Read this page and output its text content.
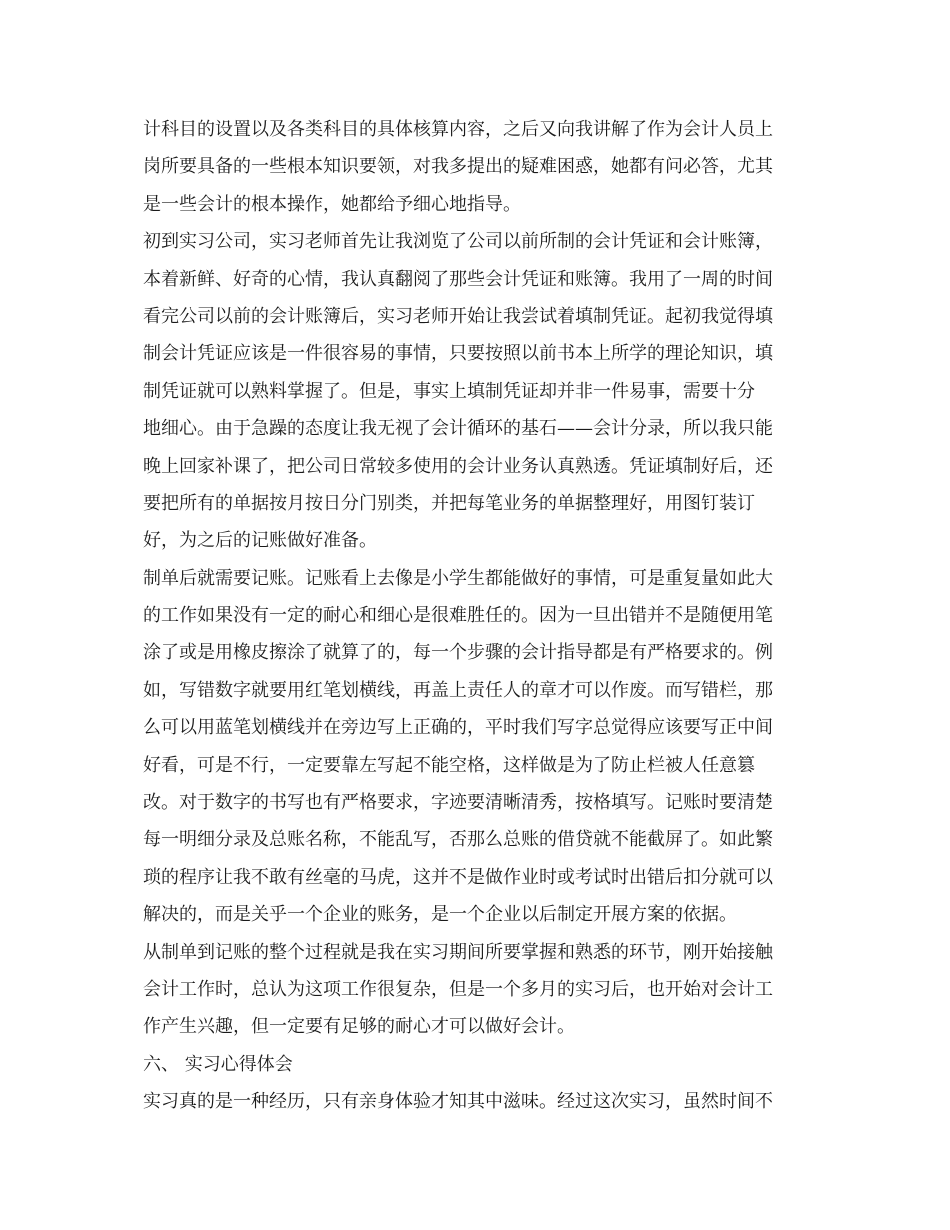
计科目的设置以及各类科目的具体核算内容，之后又向我讲解了作为会计人员上
岗所要具备的一些根本知识要领，对我多提出的疑难困惑，她都有问必答，尤其
是一些会计的根本操作，她都给予细心地指导。
初到实习公司，实习老师首先让我浏览了公司以前所制的会计凭证和会计账簿，
本着新鲜、好奇的心情，我认真翻阅了那些会计凭证和账簿。我用了一周的时间
看完公司以前的会计账簿后，实习老师开始让我尝试着填制凭证。起初我觉得填
制会计凭证应该是一件很容易的事情，只要按照以前书本上所学的理论知识，填
制凭证就可以熟料掌握了。但是，事实上填制凭证却并非一件易事，需要十分
地细心。由于急躁的态度让我无视了会计循环的基石——会计分录，所以我只能
晚上回家补课了，把公司日常较多使用的会计业务认真熟透。凭证填制好后，还
要把所有的单据按月按日分门别类，并把每笔业务的单据整理好，用图钉装订
好，为之后的记账做好准备。
制单后就需要记账。记账看上去像是小学生都能做好的事情，可是重复量如此大
的工作如果没有一定的耐心和细心是很难胜任的。因为一旦出错并不是随便用笔
涂了或是用橡皮擦涂了就算了的，每一个步骤的会计指导都是有严格要求的。例
如，写错数字就要用红笔划横线，再盖上责任人的章才可以作废。而写错栏，那
么可以用蓝笔划横线并在旁边写上正确的，平时我们写字总觉得应该要写正中间
好看，可是不行，一定要靠左写起不能空格，这样做是为了防止栏被人任意篡
改。对于数字的书写也有严格要求，字迹要清晰清秀，按格填写。记账时要清楚
每一明细分录及总账名称，不能乱写，否那么总账的借贷就不能截屏了。如此繁
琐的程序让我不敢有丝毫的马虎，这并不是做作业时或考试时出错后扣分就可以
解决的，而是关乎一个企业的账务，是一个企业以后制定开展方案的依据。
从制单到记账的整个过程就是我在实习期间所要掌握和熟悉的环节，刚开始接触
会计工作时，总认为这项工作很复杂，但是一个多月的实习后，也开始对会计工
作产生兴趣，但一定要有足够的耐心才可以做好会计。
六、 实习心得体会
实习真的是一种经历，只有亲身体验才知其中滋味。经过这次实习，虽然时间不
